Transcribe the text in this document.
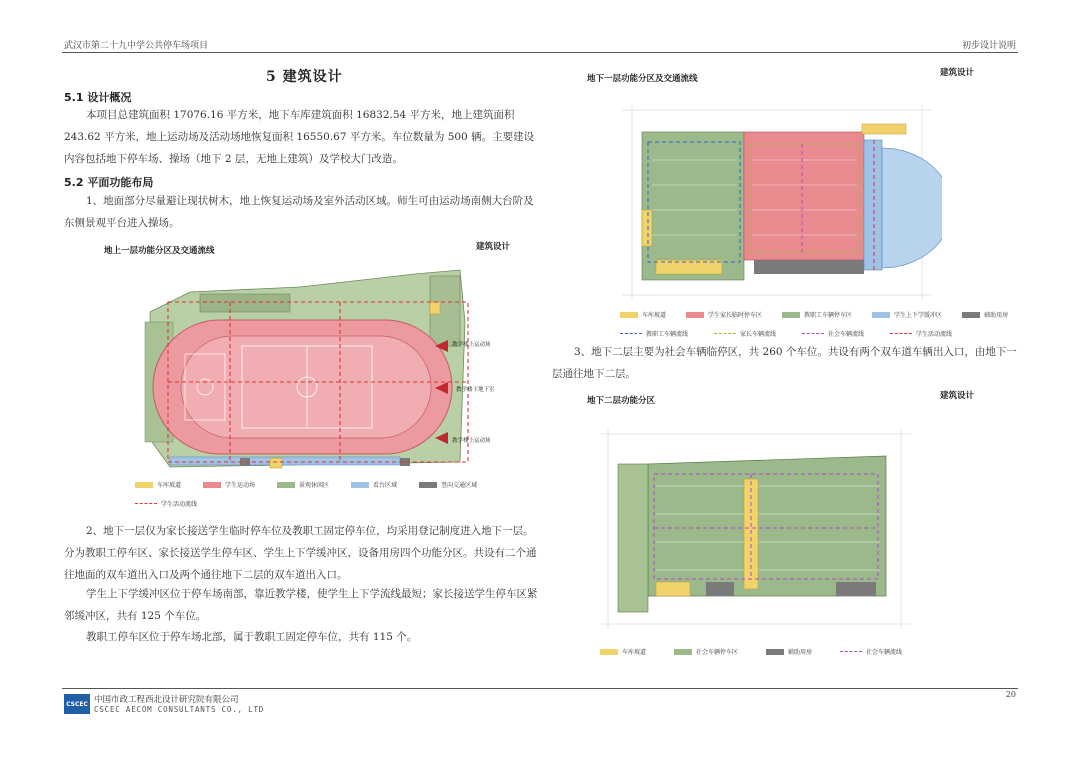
武汉市第二十九中学公共停车场项目	初步设计说明
5 建筑设计
5.1 设计概况
本项目总建筑面积 17076.16 平方米，地下车库建筑面积 16832.54 平方米，地上建筑面积 243.62 平方米，地上运动场及活动场地恢复面积 16550.67 平方米。车位数量为 500 辆。主要建设内容包括地下停车场、操场（地下 2 层，无地上建筑）及学校大门改造。
5.2 平面功能布局
1、地面部分尽量避让现状树木，地上恢复运动场及室外活动区域。师生可由运动场南侧大台阶及东侧景观平台进入操场。
地上一层功能分区及交通流线	建筑设计
教学楼上运动场
教学楼下地下室
教学楼上运动场
车库坡道	学生运动场	景观休闲区	看台区域	竖向交通区域
学生活动流线
2、地下一层仅为家长接送学生临时停车位及教职工固定停车位，均采用登记制度进入地下一层。分为教职工停车区、家长接送学生停车区、学生上下学缓冲区，设备用房四个功能分区。共设有二个通往地面的双车道出入口及两个通往地下二层的双车道出入口。
学生上下学缓冲区位于停车场南部，靠近教学楼，使学生上下学流线最短；家长接送学生停车区紧邻缓冲区，共有 125 个车位。
教职工停车区位于停车场北部，属于教职工固定停车位，共有 115 个。
地下一层功能分区及交通流线
建筑设计
车库坡道	学生家长临时停车区	教职工车辆停车区	学生上下学缓冲区	辅助用房
教职工车辆流线	家长车辆流线	社会车辆流线	学生活动流线
3、地下二层主要为社会车辆临停区，共 260 个车位。共设有两个双车道车辆出入口，由地下一层通往地下二层。
地下二层功能分区	建筑设计
车库坡道	社会车辆停车区	辅助用房	社会车辆流线
CSCEC 中国市政工程西北设计研究院有限公司
CSCEC AECOM CONSULTANTS CO., LTD
20
